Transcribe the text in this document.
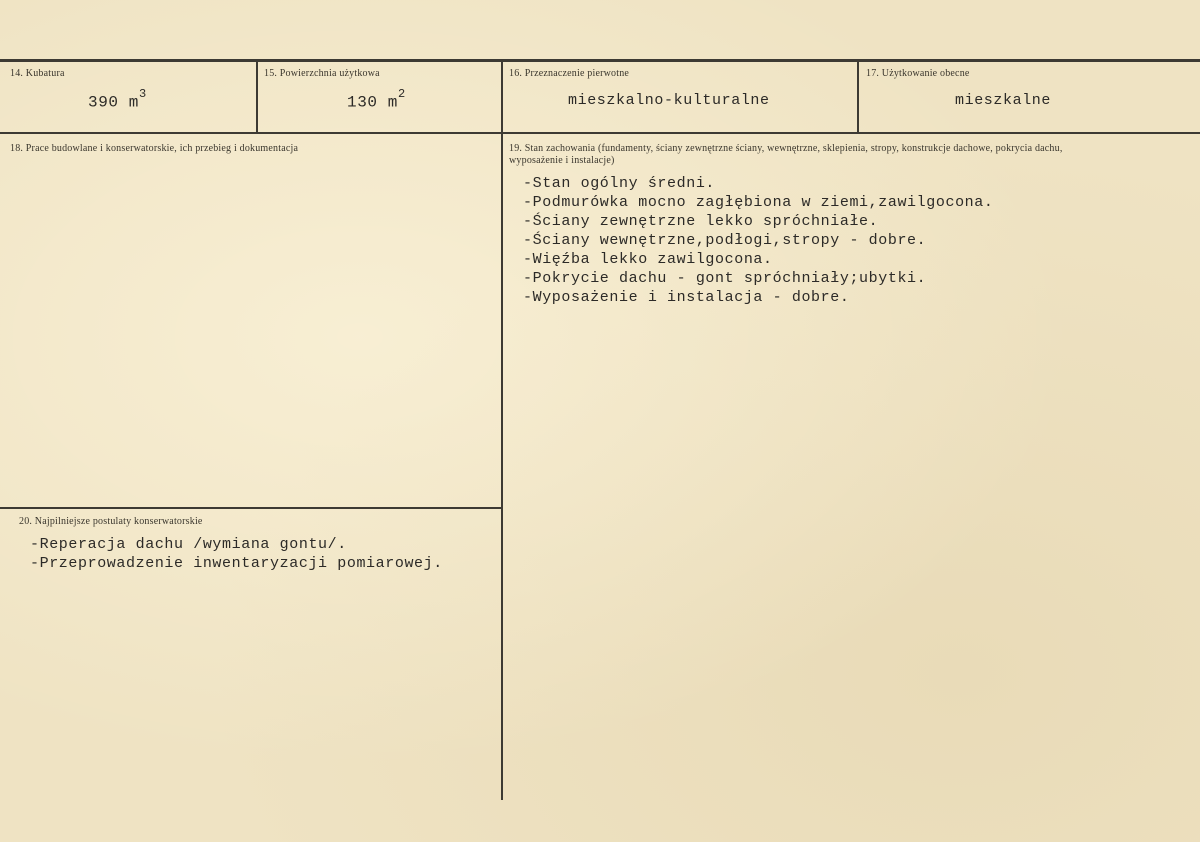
14. Kubatura
390 $m^3$
15. Powierzchnia użytkowa
130 $m^2$
16. Przeznaczenie pierwotne
mieszkalno-kulturalne
17. Użytkowanie obecne
mieszkalne
18. Prace budowlane i konserwatorskie, ich przebieg i dokumentacja	19. Stan zachowania (fundamenty, ściany zewnętrzne ściany, wewnętrzne, sklepienia, stropy, konstrukcje dachowe, pokrycia dachu, wyposażenie i instalacje)
-Stan ogólny średni.
-Podmurówka mocno zagłębiona w ziemi,zawilgocona.
-Ściany zewnętrzne lekko spróchniałe.
-Ściany wewnętrzne,podłogi,stropy - dobre.
-Więźba lekko zawilgocona.
-Pokrycie dachu - gont spróchniały;ubytki.
-Wyposażenie i instalacja - dobre.
20. Najpilniejsze postulaty konserwatorskie
-Reperacja dachu /wymiana gontu/.
-Przeprowadzenie inwentaryzacji pomiarowej.
